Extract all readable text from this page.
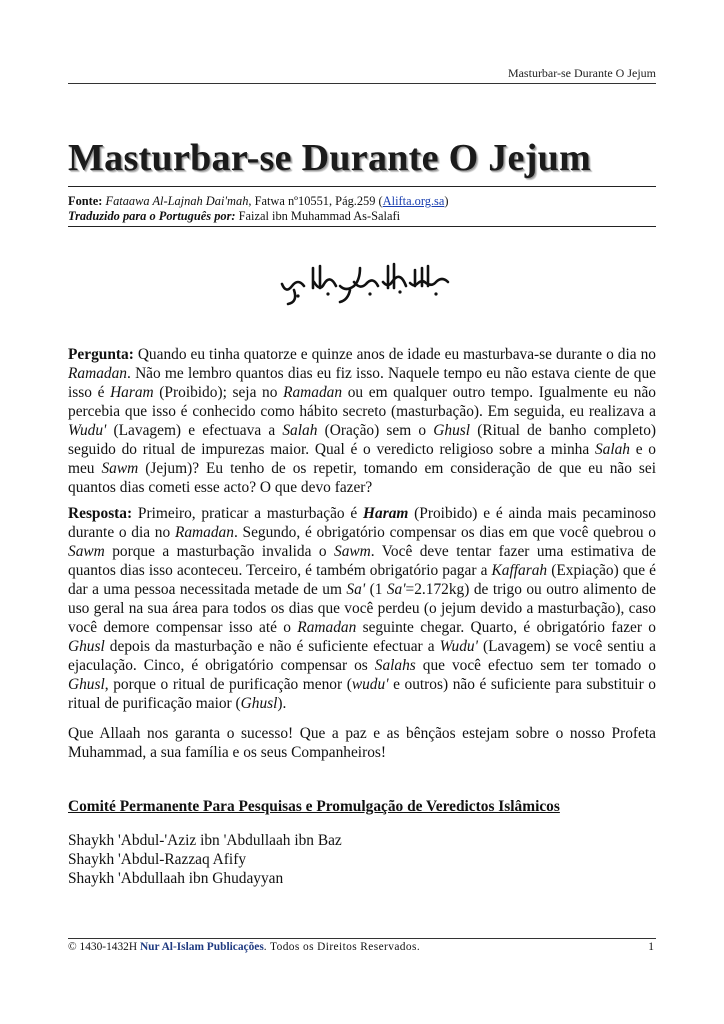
Masturbar-se Durante O Jejum
Masturbar-se Durante O Jejum
Fonte: Fataawa Al-Lajnah Dai'mah, Fatwa nº10551, Pág.259 (Alifta.org.sa)
Traduzido para o Português por: Faizal ibn Muhammad As-Salafi

Pergunta: Quando eu tinha quatorze e quinze anos de idade eu masturbava-se durante o dia no Ramadan. Não me lembro quantos dias eu fiz isso. Naquele tempo eu não estava ciente de que isso é Haram (Proibido); seja no Ramadan ou em qualquer outro tempo. Igualmente eu não percebia que isso é conhecido como hábito secreto (masturbação). Em seguida, eu realizava a Wudu' (Lavagem) e efectuava a Salah (Oração) sem o Ghusl (Ritual de banho completo) seguido do ritual de impurezas maior. Qual é o veredicto religioso sobre a minha Salah e o meu Sawm (Jejum)? Eu tenho de os repetir, tomando em consideração de que eu não sei quantos dias cometi esse acto? O que devo fazer?

Resposta: Primeiro, praticar a masturbação é Haram (Proibido) e é ainda mais pecaminoso durante o dia no Ramadan. Segundo, é obrigatório compensar os dias em que você quebrou o Sawm porque a masturbação invalida o Sawm. Você deve tentar fazer uma estimativa de quantos dias isso aconteceu. Terceiro, é também obrigatório pagar a Kaffarah (Expiação) que é dar a uma pessoa necessitada metade de um Sa' (1 Sa'=2.172kg) de trigo ou outro alimento de uso geral na sua área para todos os dias que você perdeu (o jejum devido a masturbação), caso você demore compensar isso até o Ramadan seguinte chegar. Quarto, é obrigatório fazer o Ghusl depois da masturbação e não é suficiente efectuar a Wudu' (Lavagem) se você sentiu a ejaculação. Cinco, é obrigatório compensar os Salahs que você efectuo sem ter tomado o Ghusl, porque o ritual de purificação menor (wudu' e outros) não é suficiente para substituir o ritual de purificação maior (Ghusl).

Que Allaah nos garanta o sucesso! Que a paz e as bênçãos estejam sobre o nosso Profeta Muhammad, a sua família e os seus Companheiros!

Comité Permanente Para Pesquisas e Promulgação de Veredictos Islâmicos
Shaykh 'Abdul-'Aziz ibn 'Abdullaah ibn Baz
Shaykh 'Abdul-Razzaq Afify
Shaykh 'Abdullaah ibn Ghudayyan
© 1430-1432H Nur Al-Islam Publicações. Todos os Direitos Reservados.	1
